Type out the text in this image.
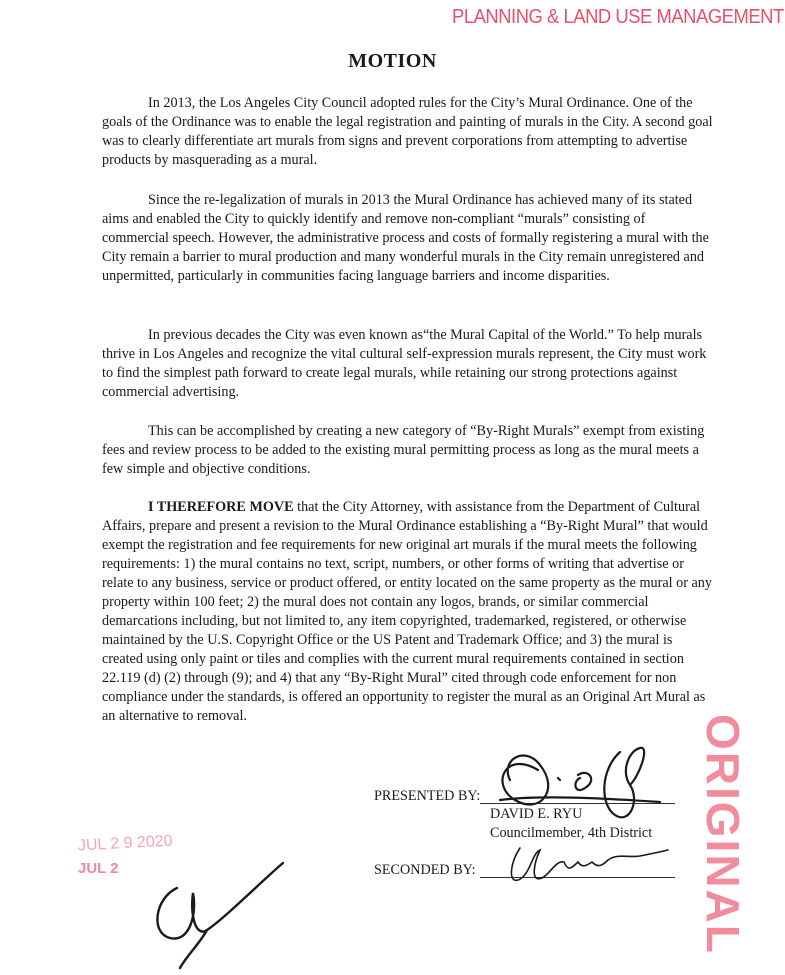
PLANNING & LAND USE MANAGEMENT
MOTION

In 2013, the Los Angeles City Council adopted rules for the City’s Mural Ordinance. One of the goals of the Ordinance was to enable the legal registration and painting of murals in the City. A second goal was to clearly differentiate art murals from signs and prevent corporations from attempting to advertise products by masquerading as a mural.

Since the re-legalization of murals in 2013 the Mural Ordinance has achieved many of its stated aims and enabled the City to quickly identify and remove non-compliant “murals” consisting of commercial speech. However, the administrative process and costs of formally registering a mural with the City remain a barrier to mural production and many wonderful murals in the City remain unregistered and unpermitted, particularly in communities facing language barriers and income disparities.

In previous decades the City was even known as“the Mural Capital of the World.” To help murals thrive in Los Angeles and recognize the vital cultural self-expression murals represent, the City must work to find the simplest path forward to create legal murals, while retaining our strong protections against commercial advertising.

This can be accomplished by creating a new category of “By-Right Murals” exempt from existing fees and review process to be added to the existing mural permitting process as long as the mural meets a few simple and objective conditions.

I THEREFORE MOVE that the City Attorney, with assistance from the Department of Cultural Affairs, prepare and present a revision to the Mural Ordinance establishing a “By-Right Mural” that would exempt the registration and fee requirements for new original art murals if the mural meets the following requirements: 1) the mural contains no text, script, numbers, or other forms of writing that advertise or relate to any business, service or product offered, or entity located on the same property as the mural or any property within 100 feet; 2) the mural does not contain any logos, brands, or similar commercial demarcations including, but not limited to, any item copyrighted, trademarked, registered, or otherwise maintained by the U.S. Copyright Office or the US Patent and Trademark Office; and 3) the mural is created using only paint or tiles and complies with the current mural requirements contained in section 22.119 (d) (2) through (9); and 4) that any “By-Right Mural” cited through code enforcement for non compliance under the standards, is offered an opportunity to register the mural as an Original Art Mural as an alternative to removal.

PRESENTED BY:
DAVID E. RYU
Councilmember, 4th District
SECONDED BY:	ORIGINAL
JUL 2 9 2020
JUL 2
